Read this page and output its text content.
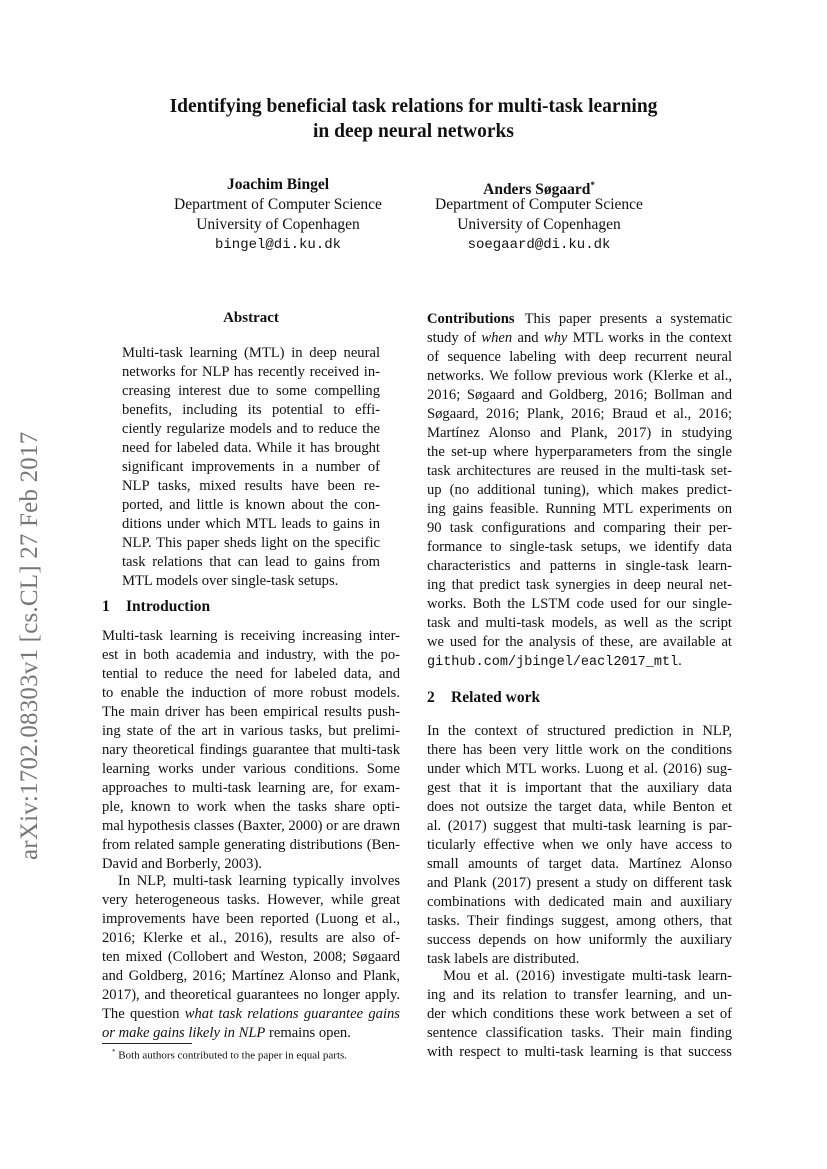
Identifying beneficial task relations for multi-task learning
in deep neural networks
Joachim Bingel
Department of Computer Science
University of Copenhagen
bingel@di.ku.dk
Anders Søgaard*
Department of Computer Science
University of Copenhagen
soegaard@di.ku.dk
arXiv:1702.08303v1 [cs.CL] 27 Feb 2017
Abstract
Multi-task learning (MTL) in deep neural
networks for NLP has recently received in-
creasing interest due to some compelling
benefits, including its potential to effi-
ciently regularize models and to reduce the
need for labeled data. While it has brought
significant improvements in a number of
NLP tasks, mixed results have been re-
ported, and little is known about the con-
ditions under which MTL leads to gains in
NLP. This paper sheds light on the specific
task relations that can lead to gains from
MTL models over single-task setups.
1 Introduction
Multi-task learning is receiving increasing inter-
est in both academia and industry, with the po-
tential to reduce the need for labeled data, and
to enable the induction of more robust models.
The main driver has been empirical results push-
ing state of the art in various tasks, but prelimi-
nary theoretical findings guarantee that multi-task
learning works under various conditions. Some
approaches to multi-task learning are, for exam-
ple, known to work when the tasks share opti-
mal hypothesis classes (Baxter, 2000) or are drawn
from related sample generating distributions (Ben-
David and Borberly, 2003).
In NLP, multi-task learning typically involves
very heterogeneous tasks. However, while great
improvements have been reported (Luong et al.,
2016; Klerke et al., 2016), results are also of-
ten mixed (Collobert and Weston, 2008; Søgaard
and Goldberg, 2016; Martínez Alonso and Plank,
2017), and theoretical guarantees no longer apply.
The question what task relations guarantee gains
or make gains likely in NLP remains open.
* Both authors contributed to the paper in equal parts.
Contributions This paper presents a systematic
study of when and why MTL works in the context
of sequence labeling with deep recurrent neural
networks. We follow previous work (Klerke et al.,
2016; Søgaard and Goldberg, 2016; Bollman and
Søgaard, 2016; Plank, 2016; Braud et al., 2016;
Martínez Alonso and Plank, 2017) in studying
the set-up where hyperparameters from the single
task architectures are reused in the multi-task set-
up (no additional tuning), which makes predict-
ing gains feasible. Running MTL experiments on
90 task configurations and comparing their per-
formance to single-task setups, we identify data
characteristics and patterns in single-task learn-
ing that predict task synergies in deep neural net-
works. Both the LSTM code used for our single-
task and multi-task models, as well as the script
we used for the analysis of these, are available at
github.com/jbingel/eacl2017_mtl.
2 Related work
In the context of structured prediction in NLP,
there has been very little work on the conditions
under which MTL works. Luong et al. (2016) sug-
gest that it is important that the auxiliary data
does not outsize the target data, while Benton et
al. (2017) suggest that multi-task learning is par-
ticularly effective when we only have access to
small amounts of target data. Martínez Alonso
and Plank (2017) present a study on different task
combinations with dedicated main and auxiliary
tasks. Their findings suggest, among others, that
success depends on how uniformly the auxiliary
task labels are distributed.
Mou et al. (2016) investigate multi-task learn-
ing and its relation to transfer learning, and un-
der which conditions these work between a set of
sentence classification tasks. Their main finding
with respect to multi-task learning is that success
